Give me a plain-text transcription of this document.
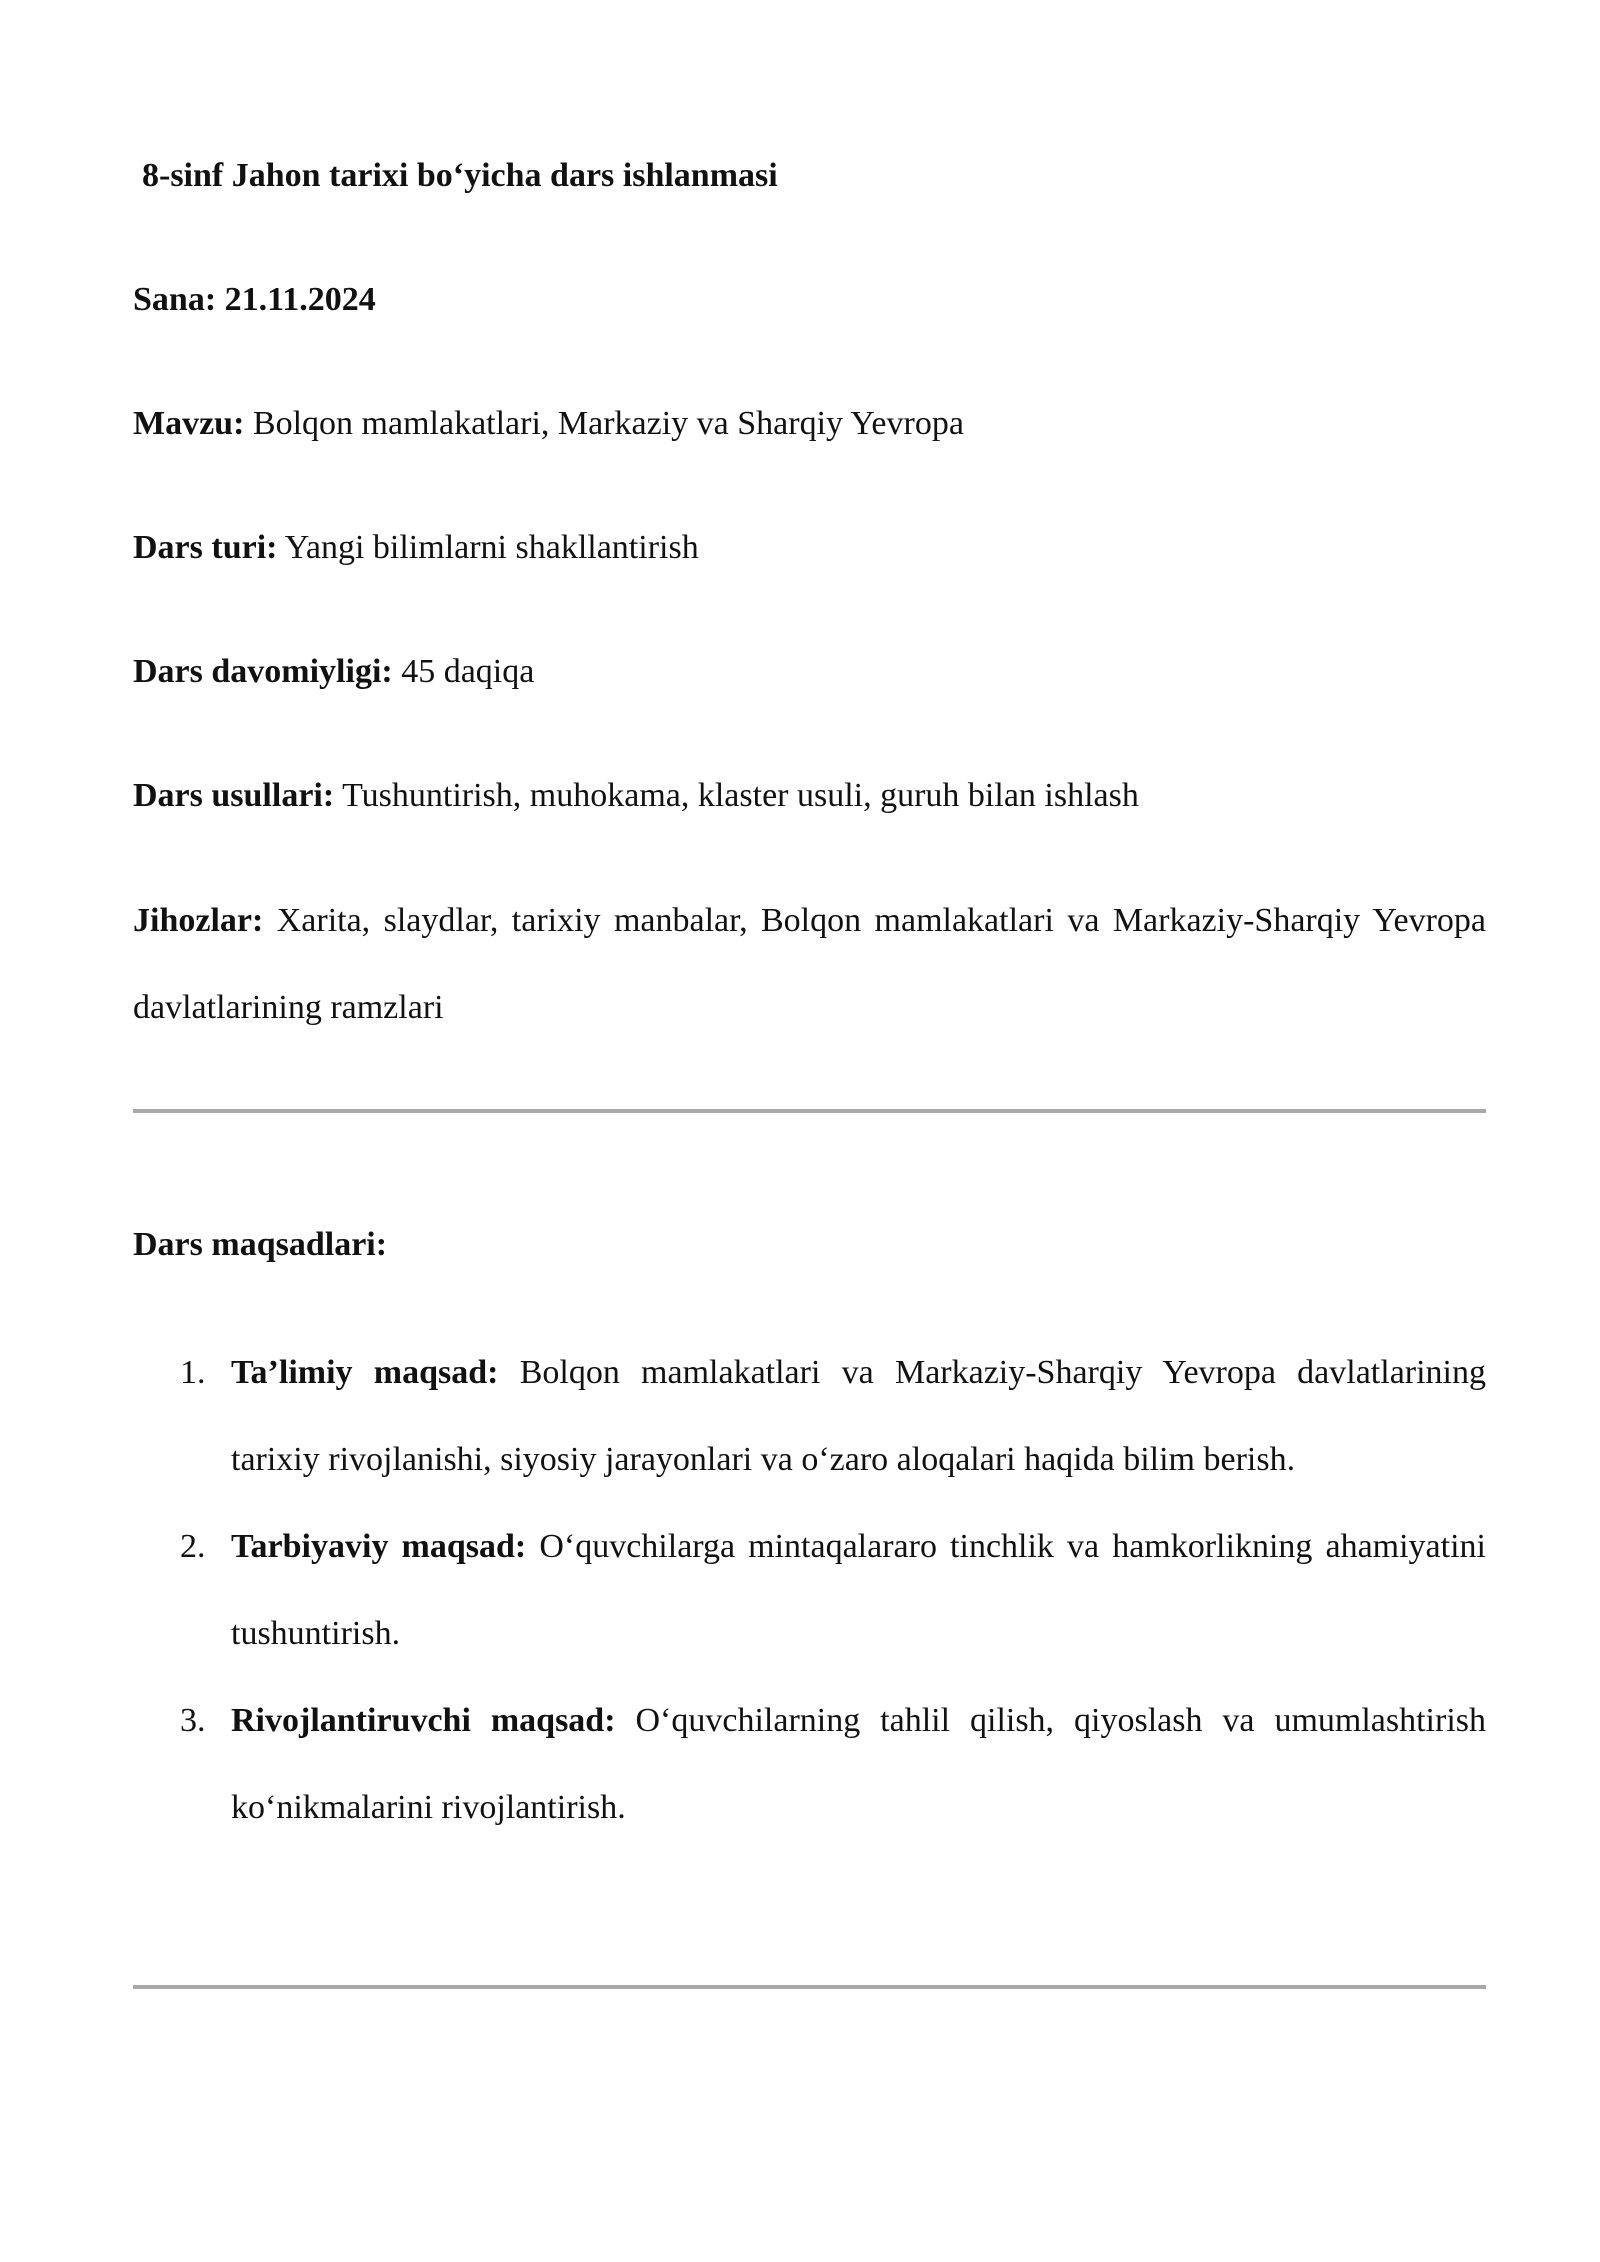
8-sinf Jahon tarixi bo‘yicha dars ishlanmasi

Sana: 21.11.2024

Mavzu: Bolqon mamlakatlari, Markaziy va Sharqiy Yevropa

Dars turi: Yangi bilimlarni shakllantirish

Dars davomiyligi: 45 daqiqa

Dars usullari: Tushuntirish, muhokama, klaster usuli, guruh bilan ishlash

Jihozlar: Xarita, slaydlar, tarixiy manbalar, Bolqon mamlakatlari va Markaziy-Sharqiy Yevropa davlatlarining ramzlari

Dars maqsadlari:

1. Ta’limiy maqsad: Bolqon mamlakatlari va Markaziy-Sharqiy Yevropa davlatlarining tarixiy rivojlanishi, siyosiy jarayonlari va o‘zaro aloqalari haqida bilim berish.

2. Tarbiyaviy maqsad: O‘quvchilarga mintaqalararo tinchlik va hamkorlikning ahamiyatini tushuntirish.

3. Rivojlantiruvchi maqsad: O‘quvchilarning tahlil qilish, qiyoslash va umumlashtirish ko‘nikmalarini rivojlantirish.
